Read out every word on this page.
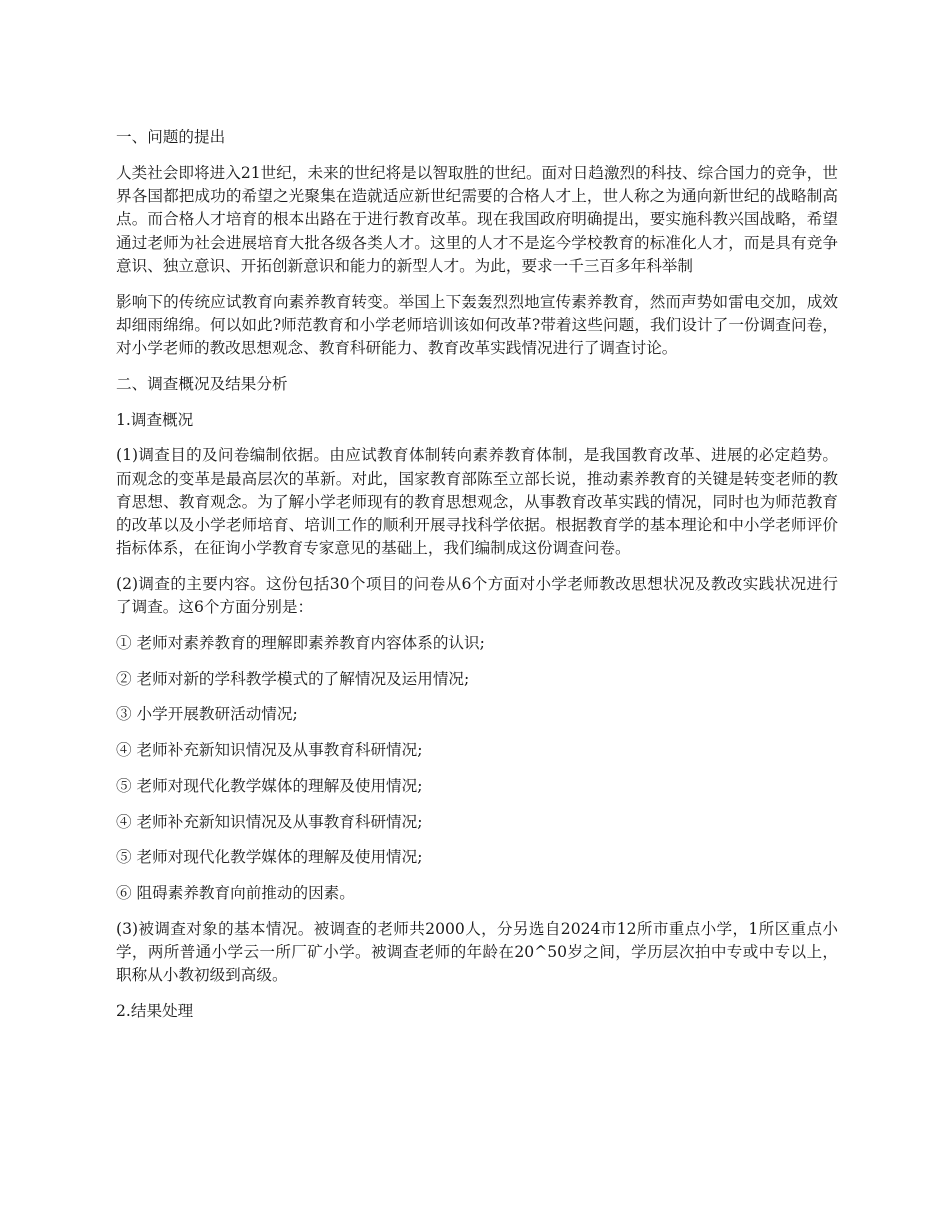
一、问题的提出

人类社会即将进入21世纪，未来的世纪将是以智取胜的世纪。面对日趋激烈的科技、综合国力的竞争，世界各国都把成功的希望之光聚集在造就适应新世纪需要的合格人才上，世人称之为通向新世纪的战略制高点。而合格人才培育的根本出路在于进行教育改革。现在我国政府明确提出，要实施科教兴国战略，希望通过老师为社会进展培育大批各级各类人才。这里的人才不是迄今学校教育的标准化人才，而是具有竞争意识、独立意识、开拓创新意识和能力的新型人才。为此，要求一千三百多年科举制

影响下的传统应试教育向素养教育转变。举国上下轰轰烈烈地宣传素养教育，然而声势如雷电交加，成效却细雨绵绵。何以如此?师范教育和小学老师培训该如何改革?带着这些问题，我们设计了一份调查问卷，对小学老师的教改思想观念、教育科研能力、教育改革实践情况进行了调查讨论。

二、调查概况及结果分析

1.调查概况

(1)调查目的及问卷编制依据。由应试教育体制转向素养教育体制，是我国教育改革、进展的必定趋势。而观念的变革是最高层次的革新。对此，国家教育部陈至立部长说，推动素养教育的关键是转变老师的教育思想、教育观念。为了解小学老师现有的教育思想观念，从事教育改革实践的情况，同时也为师范教育的改革以及小学老师培育、培训工作的顺利开展寻找科学依据。根据教育学的基本理论和中小学老师评价指标体系，在征询小学教育专家意见的基础上，我们编制成这份调查问卷。

(2)调查的主要内容。这份包括30个项目的问卷从6个方面对小学老师教改思想状况及教改实践状况进行了调查。这6个方面分别是：

① 老师对素养教育的理解即素养教育内容体系的认识;

② 老师对新的学科教学模式的了解情况及运用情况;

③ 小学开展教研活动情况;

④ 老师补充新知识情况及从事教育科研情况;

⑤ 老师对现代化教学媒体的理解及使用情况;

④ 老师补充新知识情况及从事教育科研情况;

⑤ 老师对现代化教学媒体的理解及使用情况;

⑥ 阻碍素养教育向前推动的因素。

(3)被调查对象的基本情况。被调查的老师共2000人，分另选自2024市12所市重点小学，1所区重点小学，两所普通小学云一所厂矿小学。被调查老师的年龄在20^50岁之间，学历层次拍中专或中专以上，职称从小教初级到高级。

2.结果处理
